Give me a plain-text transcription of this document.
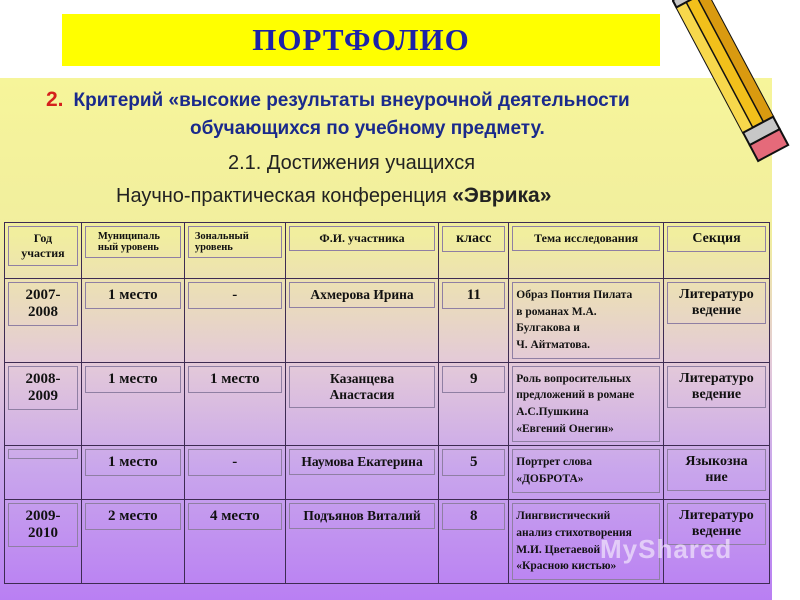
ПОРТФОЛИО
2. Критерий «высокие результаты внеурочной деятельности
обучающихся по учебному предмету.
2.1. Достижения учащихся
Научно-практическая конференция «Эврика»
Год
участия	Муниципаль
ный уровень	Зональный
уровень	Ф.И. участника	класс	Тема исследования	Секция

2007-
2008	1 место	-	Ахмерова Ирина	11	Образ Понтия Пилата
в романах М.А.
Булгакова и
Ч. Айтматова.	Литературо
ведение

2008-
2009	1 место	1 место	Казанцева
Анастасия	9	Роль вопросительных
предложений в романе
А.С.Пушкина
«Евгений Онегин»	Литературо
ведение

	1 место	-	Наумова Екатерина	5	Портрет слова
«ДОБРОТА»	Языкозна
ние

2009-
2010	2 место	4 место	Подъянов Виталий	8	Лингвистический
анализ стихотворения
М.И. Цветаевой
«Красною кистью»	Литературо
ведение
MyShared
